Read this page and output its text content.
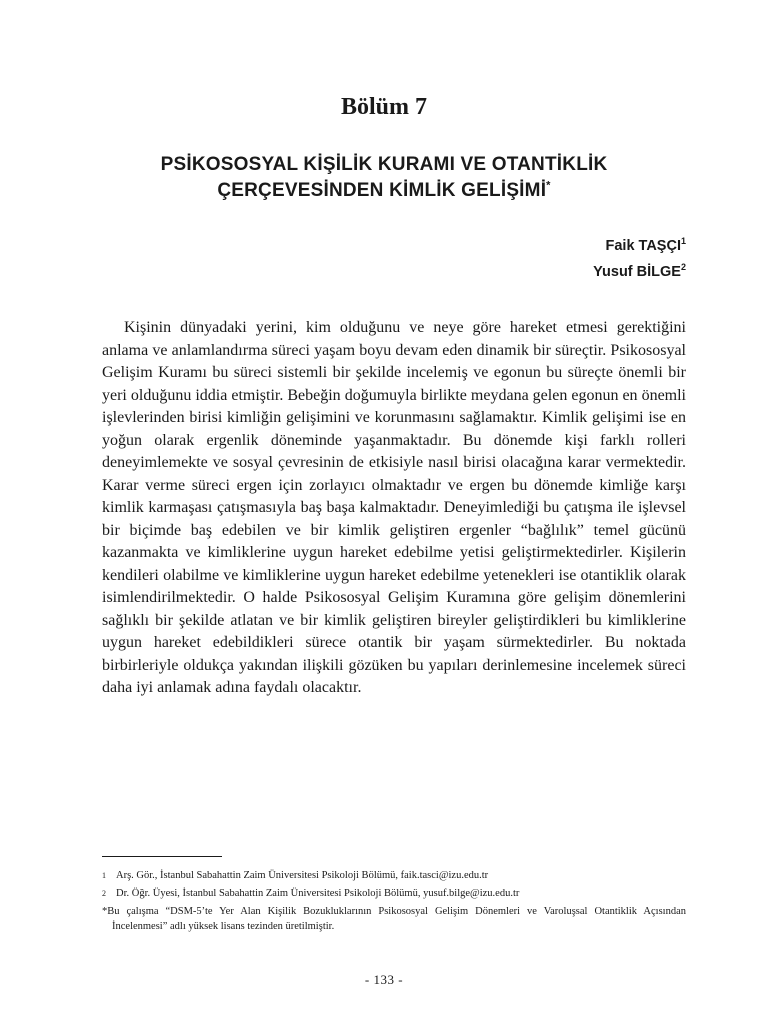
Bölüm 7
PSİKOSOSYAL KİŞİLİK KURAMI VE OTANTİKLİK
ÇERÇEVESİNDEN KİMLİK GELİŞİMİ*
Faik TAŞÇI$^1$
Yusuf BİLGE$^2$

Kişinin dünyadaki yerini, kim olduğunu ve neye göre hareket etmesi gerektiğini anlama ve anlamlandırma süreci yaşam boyu devam eden dinamik bir süreçtir. Psikososyal Gelişim Kuramı bu süreci sistemli bir şekilde incelemiş ve egonun bu süreçte önemli bir yeri olduğunu iddia etmiştir. Bebeğin doğumuyla birlikte meydana gelen egonun en önemli işlevlerinden birisi kimliğin gelişimini ve korunmasını sağlamaktır. Kimlik gelişimi ise en yoğun olarak ergenlik döneminde yaşanmaktadır. Bu dönemde kişi farklı rolleri deneyimlemekte ve sosyal çevresinin de etkisiyle nasıl birisi olacağına karar vermektedir. Karar verme süreci ergen için zorlayıcı olmaktadır ve ergen bu dönemde kimliğe karşı kimlik karmaşası çatışmasıyla baş başa kalmaktadır. Deneyimlediği bu çatışma ile işlevsel bir biçimde baş edebilen ve bir kimlik geliştiren ergenler “bağlılık” temel gücünü kazanmakta ve kimliklerine uygun hareket edebilme yetisi geliştirmektedirler. Kişilerin kendileri olabilme ve kimliklerine uygun hareket edebilme yetenekleri ise otantiklik olarak isimlendirilmektedir. O halde Psikososyal Gelişim Kuramına göre gelişim dönemlerini sağlıklı bir şekilde atlatan ve bir kimlik geliştiren bireyler geliştirdikleri bu kimliklerine uygun hareket edebildikleri sürece otantik bir yaşam sürmektedirler. Bu noktada birbirleriyle oldukça yakından ilişkili gözüken bu yapıları derinlemesine incelemek süreci daha iyi anlamak adına faydalı olacaktır.

1 Arş. Gör., İstanbul Sabahattin Zaim Üniversitesi Psikoloji Bölümü, faik.tasci@izu.edu.tr

2 Dr. Öğr. Üyesi, İstanbul Sabahattin Zaim Üniversitesi Psikoloji Bölümü, yusuf.bilge@izu.edu.tr

*Bu çalışma “DSM-5’te Yer Alan Kişilik Bozukluklarının Psikososyal Gelişim Dönemleri ve Varoluşsal Otantiklik Açısından İncelenmesi” adlı yüksek lisans tezinden üretilmiştir.

- 133 -
